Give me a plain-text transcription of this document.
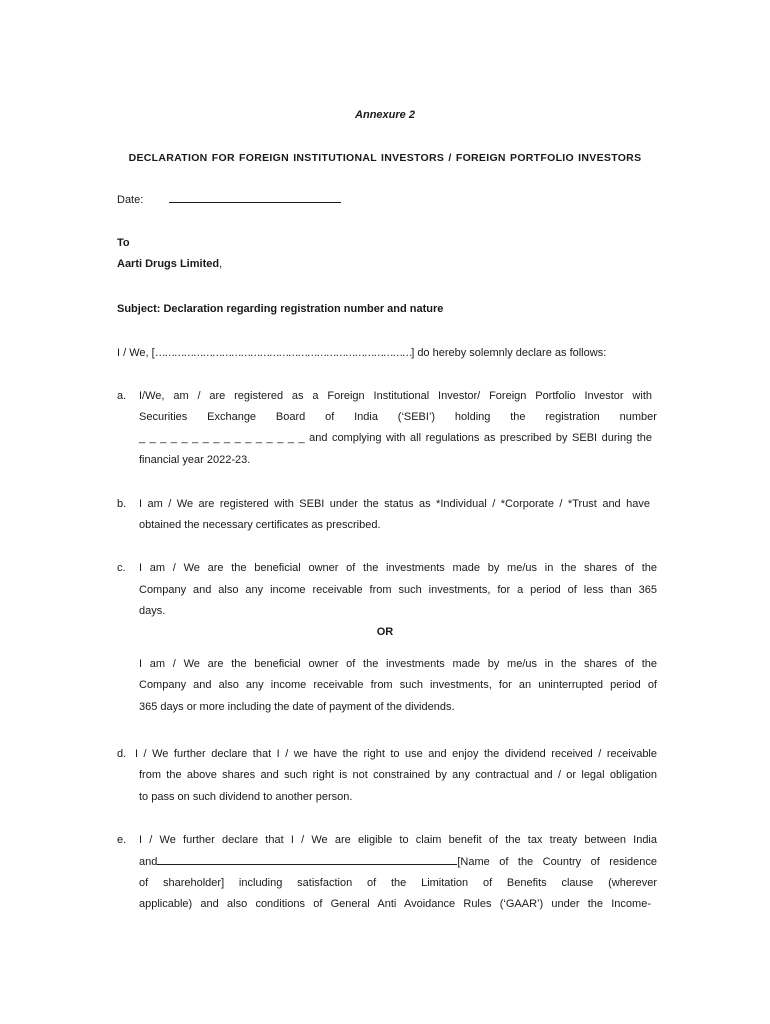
Annexure 2
DECLARATION FOR FOREIGN INSTITUTIONAL INVESTORS / FOREIGN PORTFOLIO INVESTORS
Date:
To
Aarti Drugs Limited,
Subject: Declaration regarding registration number and nature
I / We, [………………………………………………………………………] do hereby solemnly declare as follows:
a. I/We, am / are registered as a Foreign Institutional Investor/ Foreign Portfolio Investor with
Securities Exchange Board of India (‘SEBI’) holding the registration number
_ _ _ _ _ _ _ _ _ _ _ _ _ _ _ _ and complying with all regulations as prescribed by SEBI during the
financial year 2022-23.
b. I am / We are registered with SEBI under the status as *Individual / *Corporate / *Trust and have
obtained the necessary certificates as prescribed.
c. I am / We are the beneficial owner of the investments made by me/us in the shares of the
Company and also any income receivable from such investments, for a period of less than 365
days.
OR
I am / We are the beneficial owner of the investments made by me/us in the shares of the
Company and also any income receivable from such investments, for an uninterrupted period of
365 days or more including the date of payment of the dividends.
d. I / We further declare that I / we have the right to use and enjoy the dividend received / receivable
from the above shares and such right is not constrained by any contractual and / or legal obligation
to pass on such dividend to another person.
e. I / We further declare that I / We are eligible to claim benefit of the tax treaty between India
and	[Name of the Country of residence
of shareholder] including satisfaction of the Limitation of Benefits clause (wherever
applicable) and also conditions of General Anti Avoidance Rules (‘GAAR’) under the Income-
